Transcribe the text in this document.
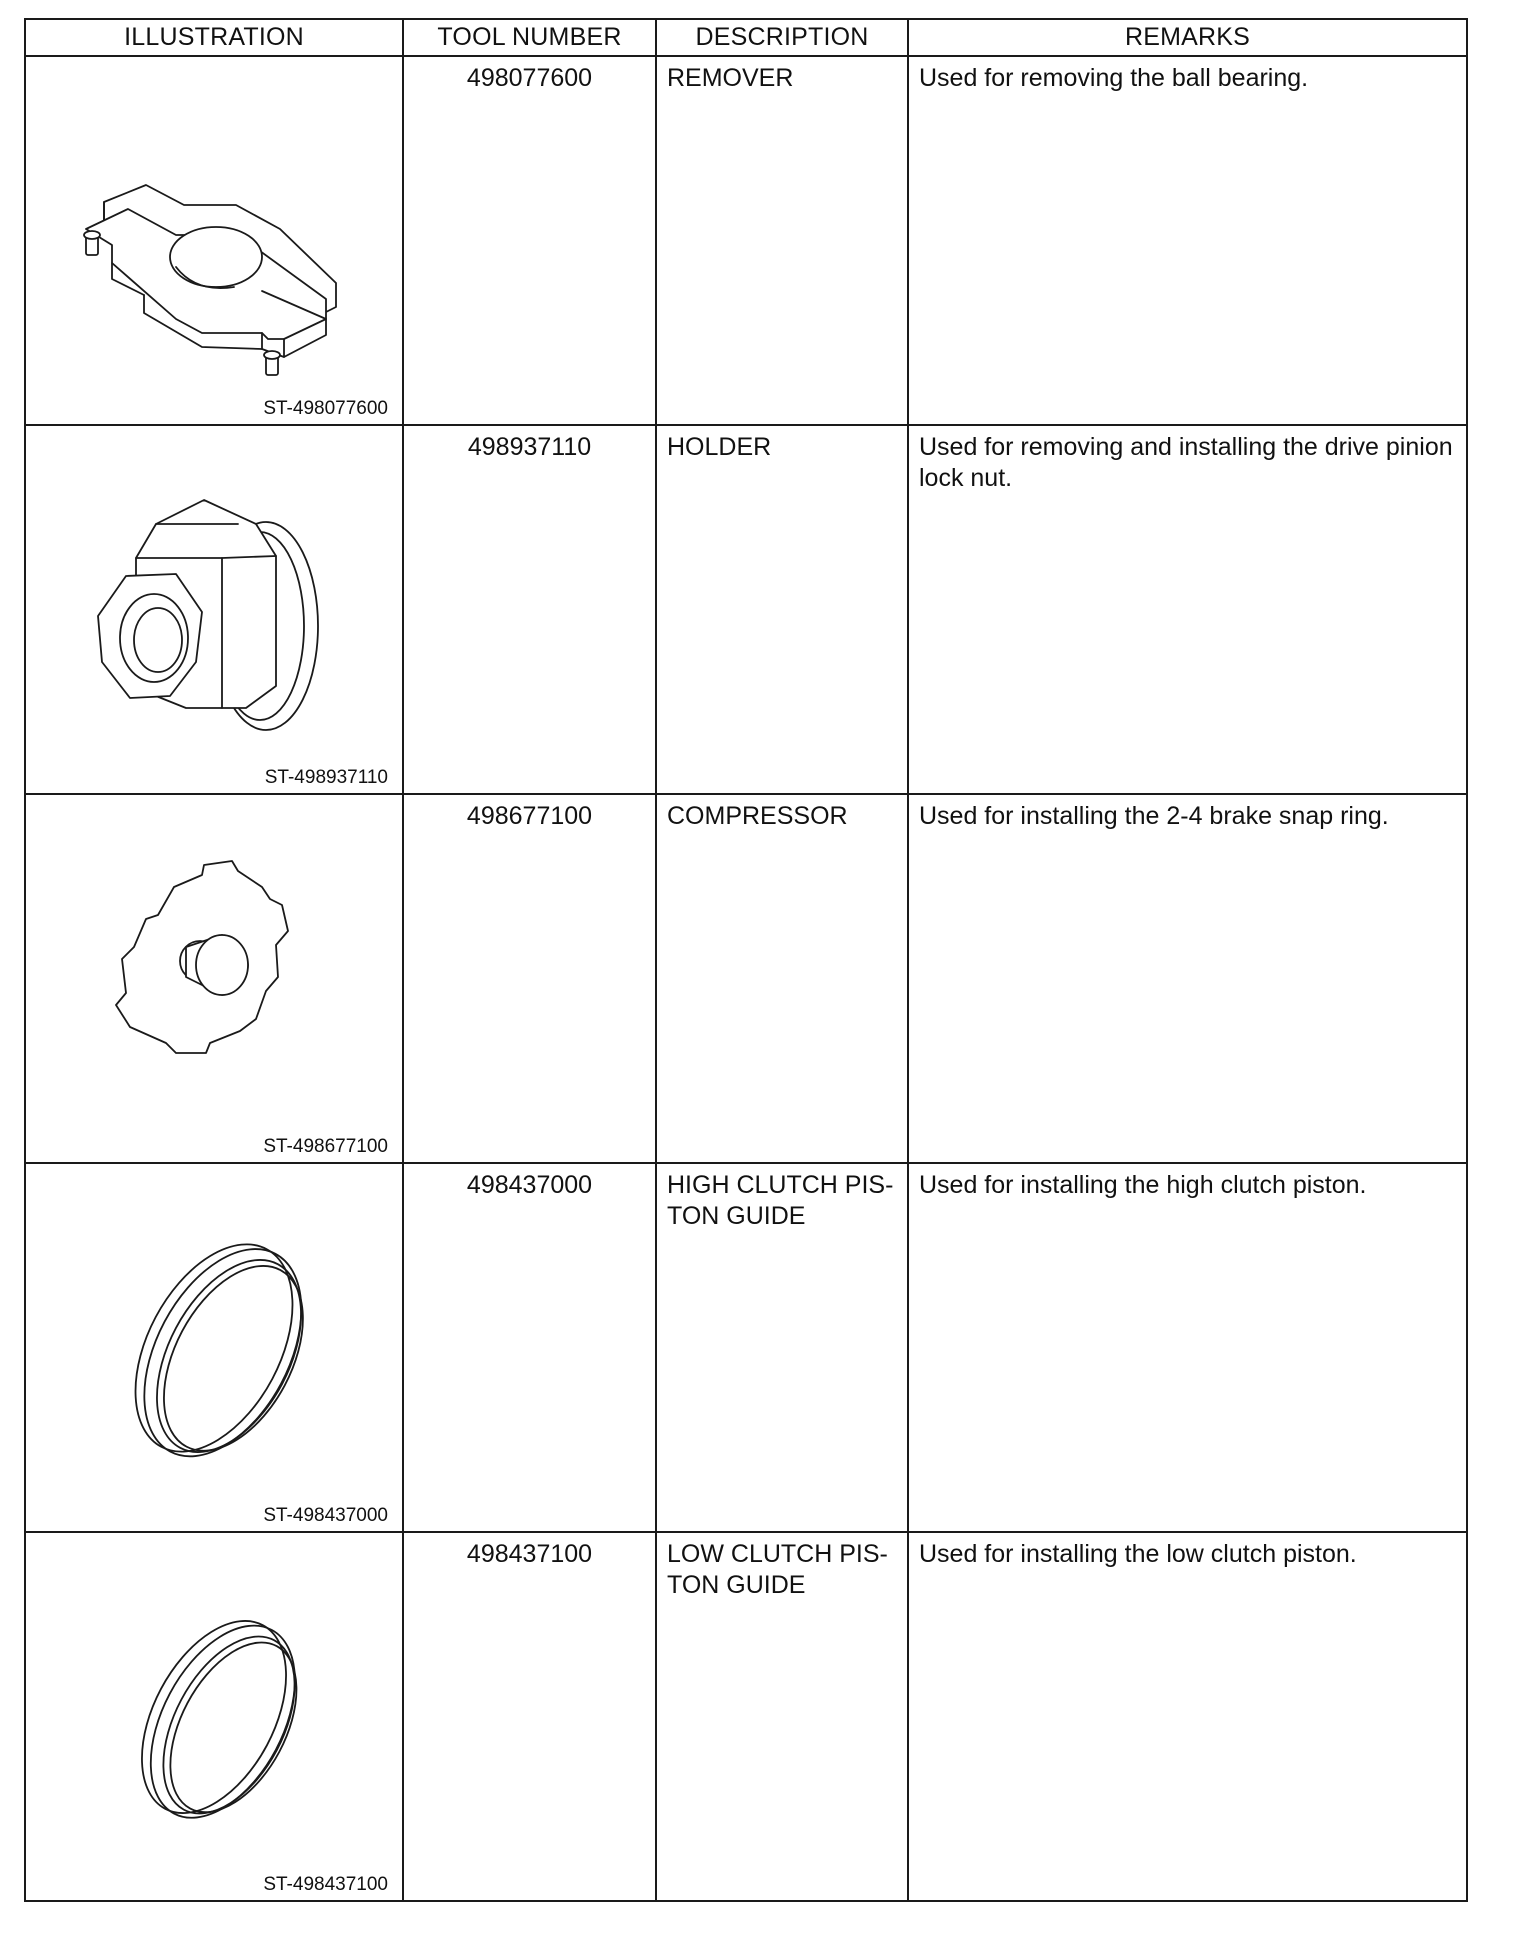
ILLUSTRATION	TOOL NUMBER	DESCRIPTION	REMARKS

ST-498077600	498077600	REMOVER	Used for removing the ball bearing.

ST-498937110	498937110	HOLDER	Used for removing and installing the drive pinion
lock nut.

ST-498677100	498677100	COMPRESSOR	Used for installing the 2-4 brake snap ring.

ST-498437000	498437000	HIGH CLUTCH PIS-
TON GUIDE	Used for installing the high clutch piston.

ST-498437100	498437100	LOW CLUTCH PIS-
TON GUIDE	Used for installing the low clutch piston.
